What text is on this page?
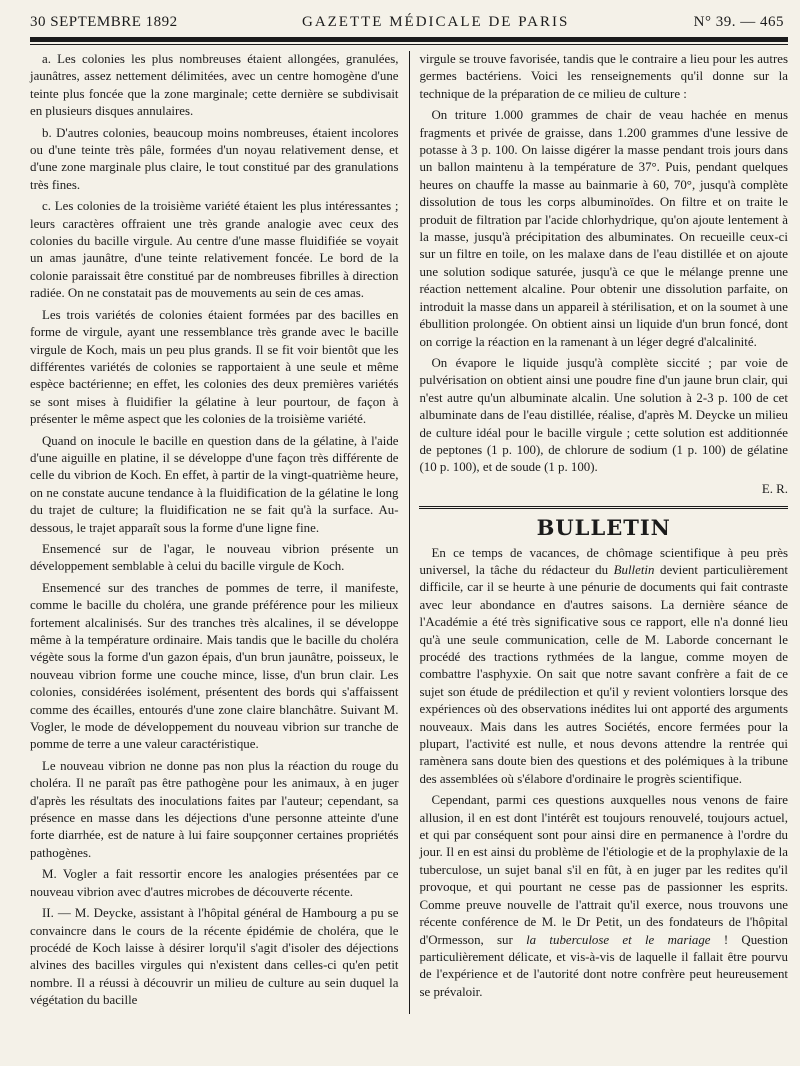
30 SEPTEMBRE 1892	GAZETTE MÉDICALE DE PARIS	N° 39. — 465

a. Les colonies les plus nombreuses étaient allongées, granulées, jaunâtres, assez nettement délimitées, avec un centre homogène d'une teinte plus foncée que la zone marginale; cette dernière se subdivisait en plusieurs disques annulaires.

b. D'autres colonies, beaucoup moins nombreuses, étaient incolores ou d'une teinte très pâle, formées d'un noyau relativement dense, et d'une zone marginale plus claire, le tout constitué par des granulations très fines.

c. Les colonies de la troisième variété étaient les plus intéressantes ; leurs caractères offraient une très grande analogie avec ceux des colonies du bacille virgule. Au centre d'une masse fluidifiée se voyait un amas jaunâtre, d'une teinte relativement foncée. Le bord de la colonie paraissait être constitué par de nombreuses fibrilles à direction radiée. On ne constatait pas de mouvements au sein de ces amas.

Les trois variétés de colonies étaient formées par des bacilles en forme de virgule, ayant une ressemblance très grande avec le bacille virgule de Koch, mais un peu plus grands. Il se fit voir bientôt que les différentes variétés de colonies se rapportaient à une seule et même espèce bactérienne; en effet, les colonies des deux premières variétés se sont mises à fluidifier la gélatine à leur pourtour, de façon à présenter le même aspect que les colonies de la troisième variété.

Quand on inocule le bacille en question dans de la gélatine, à l'aide d'une aiguille en platine, il se développe d'une façon très différente de celle du vibrion de Koch. En effet, à partir de la vingt-quatrième heure, on ne constate aucune tendance à la fluidification de la gélatine le long du trajet de culture; la fluidification ne se fait qu'à la surface. Au-dessous, le trajet apparaît sous la forme d'une ligne fine.

Ensemencé sur de l'agar, le nouveau vibrion présente un développement semblable à celui du bacille virgule de Koch.

Ensemencé sur des tranches de pommes de terre, il manifeste, comme le bacille du choléra, une grande préférence pour les milieux fortement alcalinisés. Sur des tranches très alcalines, il se développe même à la température ordinaire. Mais tandis que le bacille du choléra végète sous la forme d'un gazon épais, d'un brun jaunâtre, poisseux, le nouveau vibrion forme une couche mince, lisse, d'un brun clair. Les colonies, considérées isolément, présentent des bords qui s'affaissent comme des écailles, entourés d'une zone claire blanchâtre. Suivant M. Vogler, le mode de développement du nouveau vibrion sur tranche de pomme de terre a une valeur caractéristique.

Le nouveau vibrion ne donne pas non plus la réaction du rouge du choléra. Il ne paraît pas être pathogène pour les animaux, à en juger d'après les résultats des inoculations faites par l'auteur; cependant, sa présence en masse dans les déjections d'une personne atteinte d'une forte diarrhée, est de nature à lui faire soupçonner certaines propriétés pathogènes.

M. Vogler a fait ressortir encore les analogies présentées par ce nouveau vibrion avec d'autres microbes de découverte récente.

II. — M. Deycke, assistant à l'hôpital général de Hambourg a pu se convaincre dans le cours de la récente épidémie de choléra, que le procédé de Koch laisse à désirer lorqu'il s'agit d'isoler des déjections alvines des bacilles virgules qui n'existent dans celles-ci qu'en petit nombre. Il a réussi à découvrir un milieu de culture au sein duquel la végétation du bacille

virgule se trouve favorisée, tandis que le contraire a lieu pour les autres germes bactériens. Voici les renseignements qu'il donne sur la technique de la préparation de ce milieu de culture :

On triture 1.000 grammes de chair de veau hachée en menus fragments et privée de graisse, dans 1.200 grammes d'une lessive de potasse à 3 p. 100. On laisse digérer la masse pendant trois jours dans un ballon maintenu à la température de 37°. Puis, pendant quelques heures on chauffe la masse au bainmarie à 60, 70°, jusqu'à complète dissolution de tous les corps albuminoïdes. On filtre et on traite le produit de filtration par l'acide chlorhydrique, qu'on ajoute lentement à la masse, jusqu'à précipitation des albuminates. On recueille ceux-ci sur un filtre en toile, on les malaxe dans de l'eau distillée et on ajoute une solution sodique saturée, jusqu'à ce que le mélange prenne une réaction nettement alcaline. Pour obtenir une dissolution parfaite, on introduit la masse dans un appareil à stérilisation, et on la soumet à une ébullition prolongée. On obtient ainsi un liquide d'un brun foncé, dont on corrige la réaction en la ramenant à un léger degré d'alcalinité.

On évapore le liquide jusqu'à complète siccité ; par voie de pulvérisation on obtient ainsi une poudre fine d'un jaune brun clair, qui n'est autre qu'un albuminate alcalin. Une solution à 2-3 p. 100 de cet albuminate dans de l'eau distillée, réalise, d'après M. Deycke un milieu de culture idéal pour le bacille virgule ; cette solution est additionnée de peptones (1 p. 100), de chlorure de sodium (1 p. 100) de gélatine (10 p. 100), et de soude (1 p. 100).

E. R.

BULLETIN

En ce temps de vacances, de chômage scientifique à peu près universel, la tâche du rédacteur du Bulletin devient particulièrement difficile, car il se heurte à une pénurie de documents qui fait contraste avec leur abondance en d'autres saisons. La dernière séance de l'Académie a été très significative sous ce rapport, elle n'a donné lieu qu'à une seule communication, celle de M. Laborde concernant le procédé des tractions rythmées de la langue, comme moyen de combattre l'asphyxie. On sait que notre savant confrère a fait de ce sujet son étude de prédilection et qu'il y revient volontiers lorsque des expériences où des observations inédites lui ont apporté des arguments nouveaux. Mais dans les autres Sociétés, encore fermées pour la plupart, l'activité est nulle, et nous devons attendre la rentrée qui ramènera sans doute bien des questions et des polémiques à la tribune des assemblées où s'élabore d'ordinaire le progrès scientifique.

Cependant, parmi ces questions auxquelles nous venons de faire allusion, il en est dont l'intérêt est toujours renouvelé, toujours actuel, et qui par conséquent sont pour ainsi dire en permanence à l'ordre du jour. Il en est ainsi du problème de l'étiologie et de la prophylaxie de la tuberculose, un sujet banal s'il en fût, à en juger par les redites qu'il provoque, et qui pourtant ne cesse pas de passionner les esprits. Comme preuve nouvelle de l'attrait qu'il exerce, nous trouvons une récente conférence de M. le Dr Petit, un des fondateurs de l'hôpital d'Ormesson, sur la tuberculose et le mariage ! Question particulièrement délicate, et vis-à-vis de laquelle il fallait être pourvu de l'expérience et de l'autorité dont notre confrère peut heureusement se prévaloir.
